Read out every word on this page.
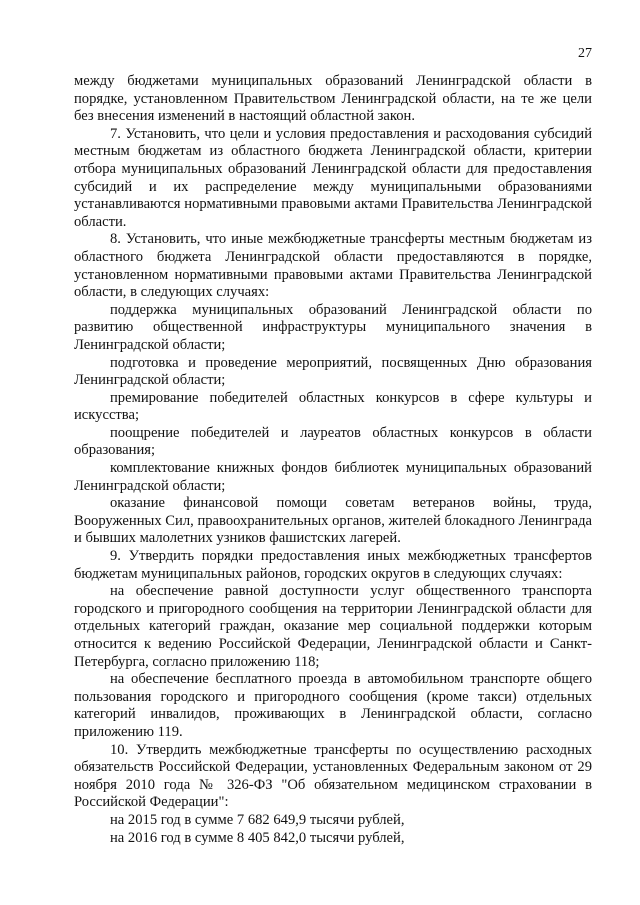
27

между бюджетами муниципальных образований Ленинградской области в порядке, установленном Правительством Ленинградской области, на те же цели без внесения изменений в настоящий областной закон.

7. Установить, что цели и условия предоставления и расходования субсидий местным бюджетам из областного бюджета Ленинградской области, критерии отбора муниципальных образований Ленинградской области для предоставления субсидий и их распределение между муниципальными образованиями устанавливаются нормативными правовыми актами Правительства Ленинградской области.

8. Установить, что иные межбюджетные трансферты местным бюджетам из областного бюджета Ленинградской области предоставляются в порядке, установленном нормативными правовыми актами Правительства Ленинградской области, в следующих случаях:

поддержка муниципальных образований Ленинградской области по развитию общественной инфраструктуры муниципального значения в Ленинградской области;

подготовка и проведение мероприятий, посвященных Дню образования Ленинградской области;

премирование победителей областных конкурсов в сфере культуры и искусства;

поощрение победителей и лауреатов областных конкурсов в области образования;

комплектование книжных фондов библиотек муниципальных образований Ленинградской области;

оказание финансовой помощи советам ветеранов войны, труда, Вооруженных Сил, правоохранительных органов, жителей блокадного Ленинграда и бывших малолетних узников фашистских лагерей.

9. Утвердить порядки предоставления иных межбюджетных трансфертов бюджетам муниципальных районов, городских округов в следующих случаях:

на обеспечение равной доступности услуг общественного транспорта городского и пригородного сообщения на территории Ленинградской области для отдельных категорий граждан, оказание мер социальной поддержки которым относится к ведению Российской Федерации, Ленинградской области и Санкт-Петербурга, согласно приложению 118;

на обеспечение бесплатного проезда в автомобильном транспорте общего пользования городского и пригородного сообщения (кроме такси) отдельных категорий инвалидов, проживающих в Ленинградской области, согласно приложению 119.

10. Утвердить межбюджетные трансферты по осуществлению расходных обязательств Российской Федерации, установленных Федеральным законом от 29 ноября 2010 года № 326-ФЗ "Об обязательном медицинском страховании в Российской Федерации":

на 2015 год в сумме 7 682 649,9 тысячи рублей,

на 2016 год в сумме 8 405 842,0 тысячи рублей,
